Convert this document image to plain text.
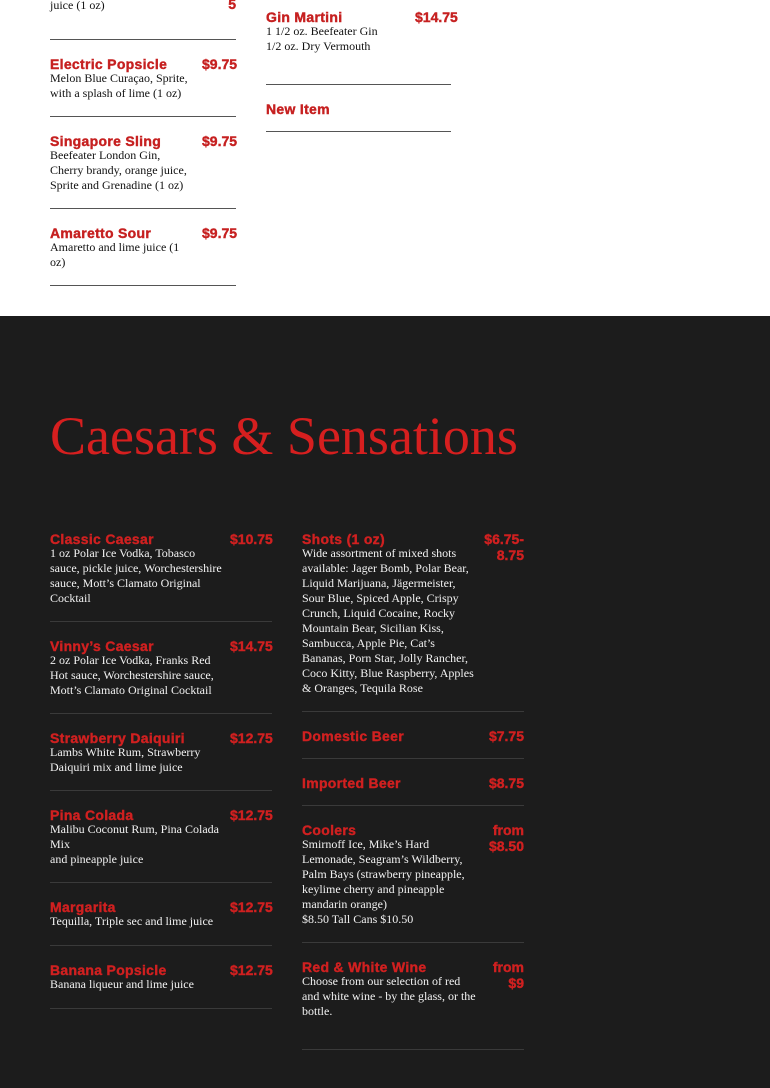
5
juice (1 oz)
Electric Popsicle $9.75
Melon Blue Curaçao, Sprite,
with a splash of lime (1 oz)
Singapore Sling	$9.75
Beefeater London Gin,
Cherry brandy, orange juice,
Sprite and Grenadine (1 oz)
Amaretto Sour	$9.75
Amaretto and lime juice (1
oz)
Gin Martini	$14.75
1 1/2 oz. Beefeater Gin
1/2 oz. Dry Vermouth
New Item
Caesars & Sensations
Classic Caesar	$10.75
1 oz Polar Ice Vodka, Tobasco
sauce, pickle juice, Worchestershire
sauce, Mott’s Clamato Original
Cocktail
Vinny’s Caesar	$14.75
2 oz Polar Ice Vodka, Franks Red
Hot sauce, Worchestershire sauce,
Mott’s Clamato Original Cocktail
Strawberry Daiquiri	$12.75
Lambs White Rum, Strawberry
Daiquiri mix and lime juice
Pina Colada	$12.75
Malibu Coconut Rum, Pina Colada
Mix
and pineapple juice
Margarita	$12.75
Tequilla, Triple sec and lime juice
Banana Popsicle	$12.75
Banana liqueur and lime juice
Shots (1 oz)	$6.75-8.75
Wide assortment of mixed shots
available: Jager Bomb, Polar Bear,
Liquid Marijuana, Jägermeister,
Sour Blue, Spiced Apple, Crispy
Crunch, Liquid Cocaine, Rocky
Mountain Bear, Sicilian Kiss,
Sambucca, Apple Pie, Cat’s
Bananas, Porn Star, Jolly Rancher,
Coco Kitty, Blue Raspberry, Apples
& Oranges, Tequila Rose
Domestic Beer	$7.75
Imported Beer	$8.75
Coolers	from $8.50
Smirnoff Ice, Mike’s Hard
Lemonade, Seagram’s Wildberry,
Palm Bays (strawberry pineapple,
keylime cherry and pineapple
mandarin orange)
$8.50 Tall Cans $10.50
Red & White Wine	from $9
Choose from our selection of red
and white wine - by the glass, or the
bottle.
